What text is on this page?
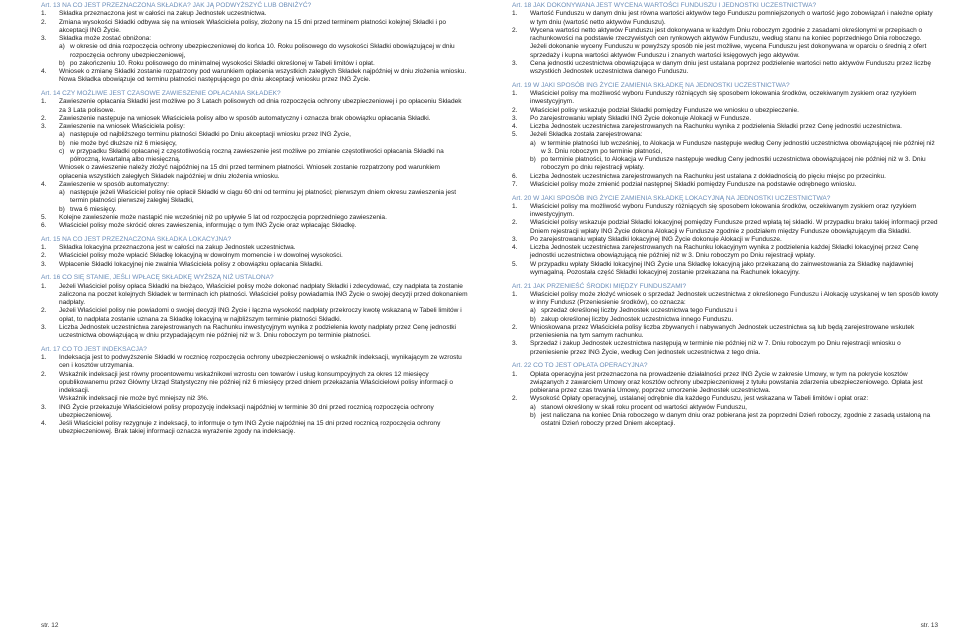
Art. 13 NA CO JEST PRZEZNACZONA SKŁADKA? JAK JĄ PODWYŻSZYĆ LUB OBNIŻYĆ?
1.	Składka przeznaczona jest w całości na zakup Jednostek uczestnictwa.
2.	Zmiana wysokości Składki odbywa się na wniosek Właściciela polisy, złożony na 15 dni przed terminem płatności kolejnej Składki i po akceptacji ING Życie.
3.	Składka może zostać obniżona:
a) w okresie od dnia rozpoczęcia ochrony ubezpieczeniowej do końca 10. Roku polisowego do wysokości Składki obowiązującej w dniu rozpoczęcia ochrony ubezpieczeniowej,
b) po zakończeniu 10. Roku polisowego do minimalnej wysokości Składki określonej w Tabeli limitów i opłat.
4.	Wniosek o zmianę Składki zostanie rozpatrzony pod warunkiem opłacenia wszystkich zaległych Składek najpóźniej w dniu złożenia wniosku. Nowa Składka obowiązuje od terminu płatności następującego po dniu akceptacji wniosku przez ING Życie.
Art. 14 CZY MOŻLIWE JEST CZASOWE ZAWIESZENIE OPŁACANIA SKŁADEK?
1.	Zawieszenie opłacania Składki jest możliwe po 3 Latach polisowych od dnia rozpoczęcia ochrony ubezpieczeniowej i po opłaceniu Składek za 3 Lata polisowe.
2.	Zawieszenie następuje na wniosek Właściciela polisy albo w sposób automatyczny i oznacza brak obowiązku opłacania Składki.
3.	Zawieszenie na wniosek Właściciela polisy:
a) następuje od najbliższego terminu płatności Składki po Dniu akceptacji wniosku przez ING Życie,
b) nie może być dłuższe niż 6 miesięcy,
c) w przypadku Składki opłacanej z częstotliwością roczną zawieszenie jest możliwe po zmianie częstotliwości opłacania Składki na półroczną, kwartalną albo miesięczną.
Wniosek o zawieszenie należy złożyć najpóźniej na 15 dni przed terminem płatności. Wniosek zostanie rozpatrzony pod warunkiem opłacenia wszystkich zaległych Składek najpóźniej w dniu złożenia wniosku.
4.	Zawieszenie w sposób automatyczny:
a) następuje jeżeli Właściciel polisy nie opłacił Składki w ciągu 60 dni od terminu jej płatności; pierwszym dniem okresu zawieszenia jest termin płatności pierwszej zaległej Składki,
b) trwa 6 miesięcy.
5.	Kolejne zawieszenie może nastąpić nie wcześniej niż po upływie 5 lat od rozpoczęcia poprzedniego zawieszenia.
6.	Właściciel polisy może skrócić okres zawieszenia, informując o tym ING Życie oraz wpłacając Składkę.
Art. 15 NA CO JEST PRZEZNACZONA SKŁADKA LOKACYJNA?
1.	Składka lokacyjna przeznaczona jest w całości na zakup Jednostek uczestnictwa.
2.	Właściciel polisy może wpłacić Składkę lokacyjną w dowolnym momencie i w dowolnej wysokości.
3.	Wpłacenie Składki lokacyjnej nie zwalnia Właściciela polisy z obowiązku opłacania Składki.
Art. 16 CO SIĘ STANIE, JEŚLI WPŁACĘ SKŁADKĘ WYŻSZĄ NIŻ USTALONA?
1.	Jeżeli Właściciel polisy opłaca Składki na bieżąco, Właściciel polisy może dokonać nadpłaty Składki i zdecydować, czy nadpłata ta zostanie zaliczona na poczet kolejnych Składek w terminach ich płatności. Właściciel polisy powiadamia ING Życie o swojej decyzji przed dokonaniem nadpłaty.
2.	Jeżeli Właściciel polisy nie powiadomi o swojej decyzji ING Życie i łączna wysokość nadpłaty przekroczy kwotę wskazaną w Tabeli limitów i opłat, to nadpłata zostanie uznana za Składkę lokacyjną w najbliższym terminie płatności Składki.
3.	Liczba Jednostek uczestnictwa zarejestrowanych na Rachunku inwestycyjnym wynika z podzielenia kwoty nadpłaty przez Cenę jednostki uczestnictwa obowiązującą w dniu przypadającym nie później niż w 3. Dniu roboczym po terminie płatności.
Art. 17 CO TO JEST INDEKSACJA?
1.	Indeksacja jest to podwyższenie Składki w rocznicę rozpoczęcia ochrony ubezpieczeniowej o wskaźnik indeksacji, wynikającym ze wzrostu cen i kosztów utrzymania.
2.	Wskaźnik indeksacji jest równy procentowemu wskaźnikowi wzrostu cen towarów i usług konsumpcyjnych za okres 12 miesięcy opublikowanemu przez Główny Urząd Statystyczny nie później niż 6 miesięcy przed dniem przekazania Właścicielowi polisy informacji o indeksacji.
Wskaźnik indeksacji nie może być mniejszy niż 3%.
3.	ING Życie przekazuje Właścicielowi polisy propozycję indeksacji najpóźniej w terminie 30 dni przed rocznicą rozpoczęcia ochrony ubezpieczeniowej.
4.	Jeśli Właściciel polisy rezygnuje z indeksacji, to informuje o tym ING Życie najpóźniej na 15 dni przed rocznicą rozpoczęcia ochrony ubezpieczeniowej. Brak takiej informacji oznacza wyrażenie zgody na indeksację.
Art. 18 JAK DOKONYWANA JEST WYCENA WARTOŚCI FUNDUSZU I JEDNOSTKI UCZESTNICTWA?
1.	Wartość Funduszu w danym dniu jest równa wartości aktywów tego Funduszu pomniejszonych o wartość jego zobowiązań i należne opłaty w tym dniu (wartość netto aktywów Funduszu).
2.	Wycena wartości netto aktywów Funduszu jest dokonywana w każdym Dniu roboczym zgodnie z zasadami określonymi w przepisach o rachunkowości na podstawie rzeczywistych cen rynkowych aktywów Funduszu, według stanu na koniec poprzedniego Dnia roboczego. Jeżeli dokonanie wyceny Funduszu w powyższy sposób nie jest możliwe, wycena Funduszu jest dokonywana w oparciu o średnią z ofert sprzedaży i kupna wartości aktywów Funduszu i znanych wartości księgowych jego aktywów.
3.	Cena jednostki uczestnictwa obowiązująca w danym dniu jest ustalana poprzez podzielenie wartości netto aktywów Funduszu przez liczbę wszystkich Jednostek uczestnictwa danego Funduszu.
Art. 19 W JAKI SPOSÓB ING ŻYCIE ZAMIENIA SKŁADKĘ NA JEDNOSTKI UCZESTNICTWA?
1.	Właściciel polisy ma możliwość wyboru Funduszy różniących się sposobem lokowania środków, oczekiwanym zyskiem oraz ryzykiem inwestycyjnym.
2.	Właściciel polisy wskazuje podział Składki pomiędzy Fundusze we wniosku o ubezpieczenie.
3.	Po zarejestrowaniu wpłaty Składki ING Życie dokonuje Alokacji w Fundusze.
4.	Liczba Jednostek uczestnictwa zarejestrowanych na Rachunku wynika z podzielenia Składki przez Cenę jednostki uczestnictwa.
5.	Jeżeli Składka została zarejestrowana:
a) w terminie płatności lub wcześniej, to Alokacja w Fundusze następuje według Ceny jednostki uczestnictwa obowiązującej nie później niż w 3. Dniu roboczym po terminie płatności,
b) po terminie płatności, to Alokacja w Fundusze następuje według Ceny jednostki uczestnictwa obowiązującej nie później niż w 3. Dniu roboczym po dniu rejestracji wpłaty.
6.	Liczba Jednostek uczestnictwa zarejestrowanych na Rachunku jest ustalana z dokładnością do pięciu miejsc po przecinku.
7.	Właściciel polisy może zmienić podział następnej Składki pomiędzy Fundusze na podstawie odrębnego wniosku.
Art. 20 W JAKI SPOSÓB ING ŻYCIE ZAMIENIA SKŁADKĘ LOKACYJNĄ NA JEDNOSTKI UCZESTNICTWA?
1.	Właściciel polisy ma możliwość wyboru Funduszy różniących się sposobem lokowania środków, oczekiwanym zyskiem oraz ryzykiem inwestycyjnym.
2.	Właściciel polisy wskazuje podział Składki lokacyjnej pomiędzy Fundusze przed wpłatą tej składki. W przypadku braku takiej informacji przed Dniem rejestracji wpłaty ING Życie dokona Alokacji w Fundusze zgodnie z podziałem między Fundusze obowiązującym dla Składki.
3.	Po zarejestrowaniu wpłaty Składki lokacyjnej ING Życie dokonuje Alokacji w Fundusze.
4.	Liczba Jednostek uczestnictwa zarejestrowanych na Rachunku lokacyjnym wynika z podzielenia każdej Składki lokacyjnej przez Cenę jednostki uczestnictwa obowiązującą nie później niż w 3. Dniu roboczym po Dniu rejestracji wpłaty.
5.	W przypadku wpłaty Składki lokacyjnej ING Życie una Składkę lokacyjną jako przekazaną do zainwestowania za Składkę najdawniej wymagalną. Pozostała część Składki lokacyjnej zostanie przekazana na Rachunek lokacyjny.
Art. 21 JAK PRZENIEŚĆ ŚRODKI MIĘDZY FUNDUSZAMI?
1.	Właściciel polisy może złożyć wniosek o sprzedaż Jednostek uczestnictwa z określonego Funduszu i Alokację uzyskanej w ten sposób kwoty w inny Fundusz (Przeniesienie środków), co oznacza:
a) sprzedaż określonej liczby Jednostek uczestnictwa tego Funduszu i
b) zakup określonej liczby Jednostek uczestnictwa innego Funduszu.
2.	Wnioskowana przez Właściciela polisy liczba zbywanych i nabywanych Jednostek uczestnictwa są lub będą zarejestrowane wskutek przeniesienia na tym samym rachunku.
3.	Sprzedaż i zakup Jednostek uczestnictwa następują w terminie nie później niż w 7. Dniu roboczym po Dniu rejestracji wniosku o przeniesienie przez ING Życie, według Cen jednostek uczestnictwa z tego dnia.
Art. 22 CO TO JEST OPŁATA OPERACYJNA?
1.	Opłata operacyjna jest przeznaczona na prowadzenie działalności przez ING Życie w zakresie Umowy, w tym na pokrycie kosztów związanych z zawarciem Umowy oraz kosztów ochrony ubezpieczeniowej z tytułu powstania zdarzenia ubezpieczeniowego. Opłata jest pobierana przez czas trwania Umowy, poprzez umorzenie Jednostek uczestnictwa.
2.	Wysokość Opłaty operacyjnej, ustalanej odrębnie dla każdego Funduszu, jest wskazana w Tabeli limitów i opłat oraz:
a) stanowi określony w skali roku procent od wartości aktywów Funduszu,
b) jest naliczana na koniec Dnia roboczego w danym dniu oraz pobierana jest za poprzedni Dzień roboczy, zgodnie z zasadą ustaloną na ostatni Dzień roboczy przed Dniem akceptacji.
str. 12	str. 13
